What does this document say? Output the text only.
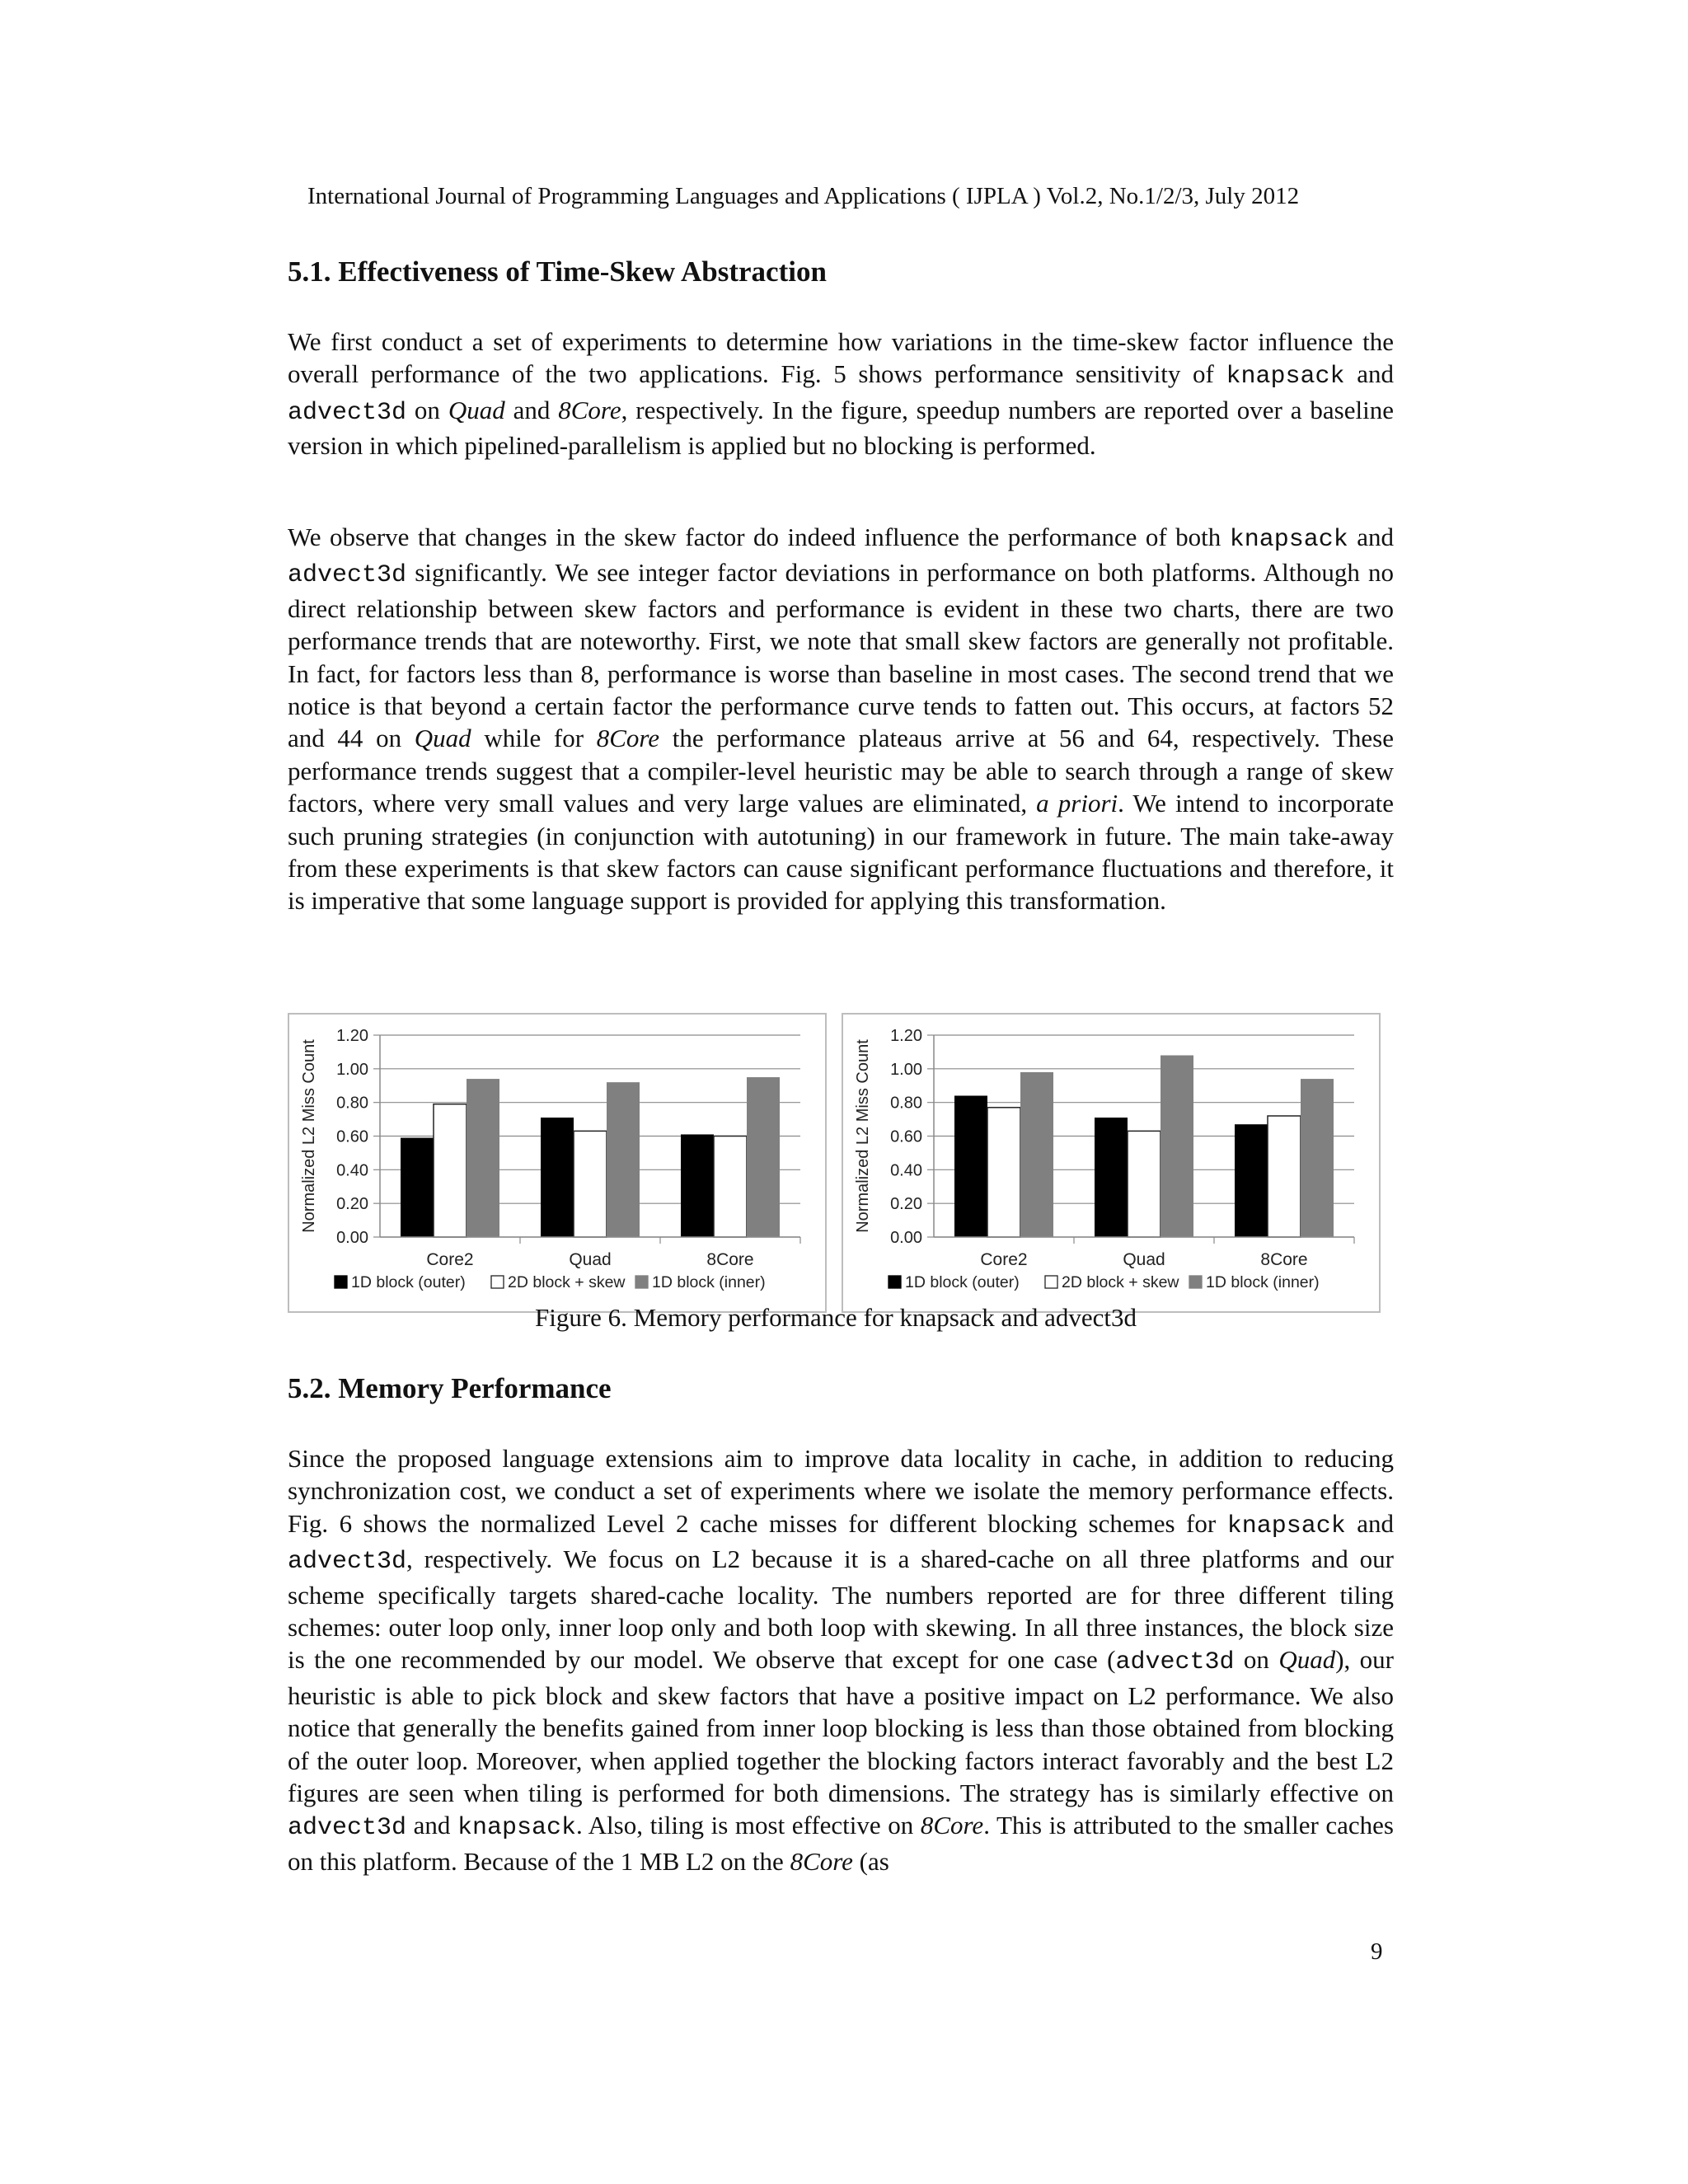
International Journal of Programming Languages and Applications ( IJPLA ) Vol.2, No.1/2/3, July 2012
5.1. Effectiveness of Time-Skew Abstraction
We first conduct a set of experiments to determine how variations in the time-skew factor influence the overall performance of the two applications. Fig. 5 shows performance sensitivity of knapsack and advect3d on Quad and 8Core, respectively. In the figure, speedup numbers are reported over a baseline version in which pipelined-parallelism is applied but no blocking is performed.
We observe that changes in the skew factor do indeed influence the performance of both knapsack and advect3d significantly. We see integer factor deviations in performance on both platforms. Although no direct relationship between skew factors and performance is evident in these two charts, there are two performance trends that are noteworthy. First, we note that small skew factors are generally not profitable. In fact, for factors less than 8, performance is worse than baseline in most cases. The second trend that we notice is that beyond a certain factor the performance curve tends to fatten out. This occurs, at factors 52 and 44 on Quad while for 8Core the performance plateaus arrive at 56 and 64, respectively. These performance trends suggest that a compiler-level heuristic may be able to search through a range of skew factors, where very small values and very large values are eliminated, a priori. We intend to incorporate such pruning strategies (in conjunction with autotuning) in our framework in future. The main take-away from these experiments is that skew factors can cause significant performance fluctuations and therefore, it is imperative that some language support is provided for applying this transformation.
0.00
0.20
0.40
0.60
0.80
1.00
1.20
Normalized L2 Miss Count
Core2	Quad	8Core
1D block (outer)	2D block + skew 1D block (inner)
0.00
0.20
0.40
0.60
0.80
1.00
1.20
Normalized L2 Miss Count
Core2	Quad	8Core
1D block (outer)	2D block + skew 1D block (inner)
Figure 6. Memory performance for knapsack and advect3d
5.2. Memory Performance
Since the proposed language extensions aim to improve data locality in cache, in addition to reducing synchronization cost, we conduct a set of experiments where we isolate the memory performance effects. Fig. 6 shows the normalized Level 2 cache misses for different blocking schemes for knapsack and advect3d, respectively. We focus on L2 because it is a shared-cache on all three platforms and our scheme specifically targets shared-cache locality. The numbers reported are for three different tiling schemes: outer loop only, inner loop only and both loop with skewing. In all three instances, the block size is the one recommended by our model. We observe that except for one case (advect3d on Quad), our heuristic is able to pick block and skew factors that have a positive impact on L2 performance. We also notice that generally the benefits gained from inner loop blocking is less than those obtained from blocking of the outer loop. Moreover, when applied together the blocking factors interact favorably and the best L2 figures are seen when tiling is performed for both dimensions. The strategy has is similarly effective on advect3d and knapsack. Also, tiling is most effective on 8Core. This is attributed to the smaller caches on this platform. Because of the 1 MB L2 on the 8Core (as
9
